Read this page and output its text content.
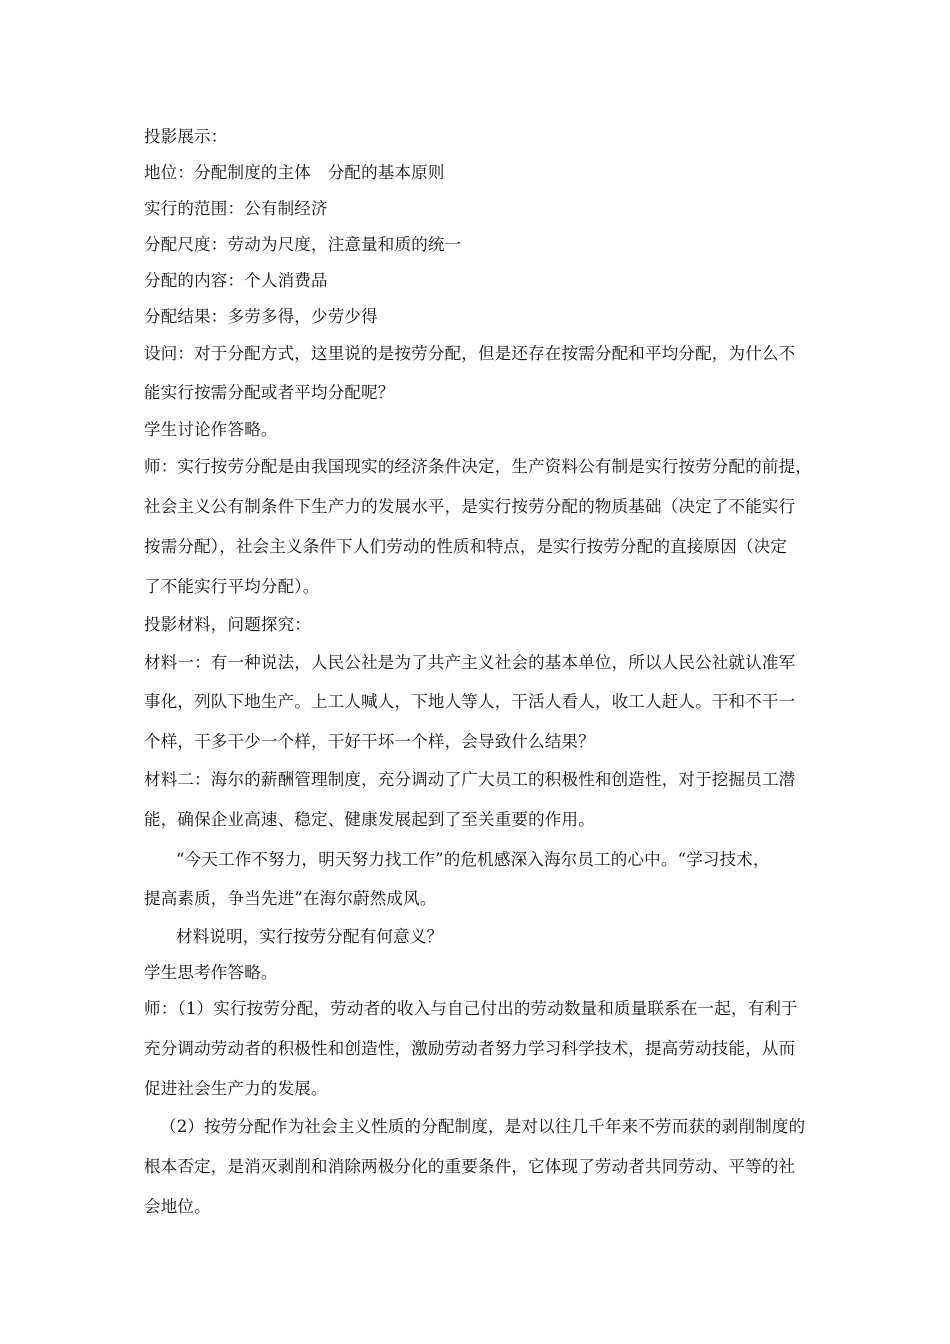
投影展示：

地位：分配制度的主体　分配的基本原则

实行的范围：公有制经济

分配尺度：劳动为尺度，注意量和质的统一

分配的内容：个人消费品

分配结果：多劳多得，少劳少得

设问：对于分配方式，这里说的是按劳分配，但是还存在按需分配和平均分配，为什么不

能实行按需分配或者平均分配呢？

学生讨论作答略。

师：实行按劳分配是由我国现实的经济条件决定，生产资料公有制是实行按劳分配的前提，

社会主义公有制条件下生产力的发展水平，是实行按劳分配的物质基础（决定了不能实行

按需分配），社会主义条件下人们劳动的性质和特点，是实行按劳分配的直接原因（决定

了不能实行平均分配）。

投影材料，问题探究：

材料一：有一种说法，人民公社是为了共产主义社会的基本单位，所以人民公社就认准军

事化，列队下地生产。上工人喊人，下地人等人，干活人看人，收工人赶人。干和不干一

个样，干多干少一个样，干好干坏一个样，会导致什么结果？

材料二：海尔的薪酬管理制度，充分调动了广大员工的积极性和创造性，对于挖掘员工潜

能，确保企业高速、稳定、健康发展起到了至关重要的作用。

“今天工作不努力，明天努力找工作”的危机感深入海尔员工的心中。“学习技术，

提高素质，争当先进”在海尔蔚然成风。

材料说明，实行按劳分配有何意义？

学生思考作答略。

师：（1）实行按劳分配，劳动者的收入与自己付出的劳动数量和质量联系在一起，有利于

充分调动劳动者的积极性和创造性，激励劳动者努力学习科学技术，提高劳动技能，从而

促进社会生产力的发展。

（2）按劳分配作为社会主义性质的分配制度，是对以往几千年来不劳而获的剥削制度的

根本否定，是消灭剥削和消除两极分化的重要条件，它体现了劳动者共同劳动、平等的社

会地位。
